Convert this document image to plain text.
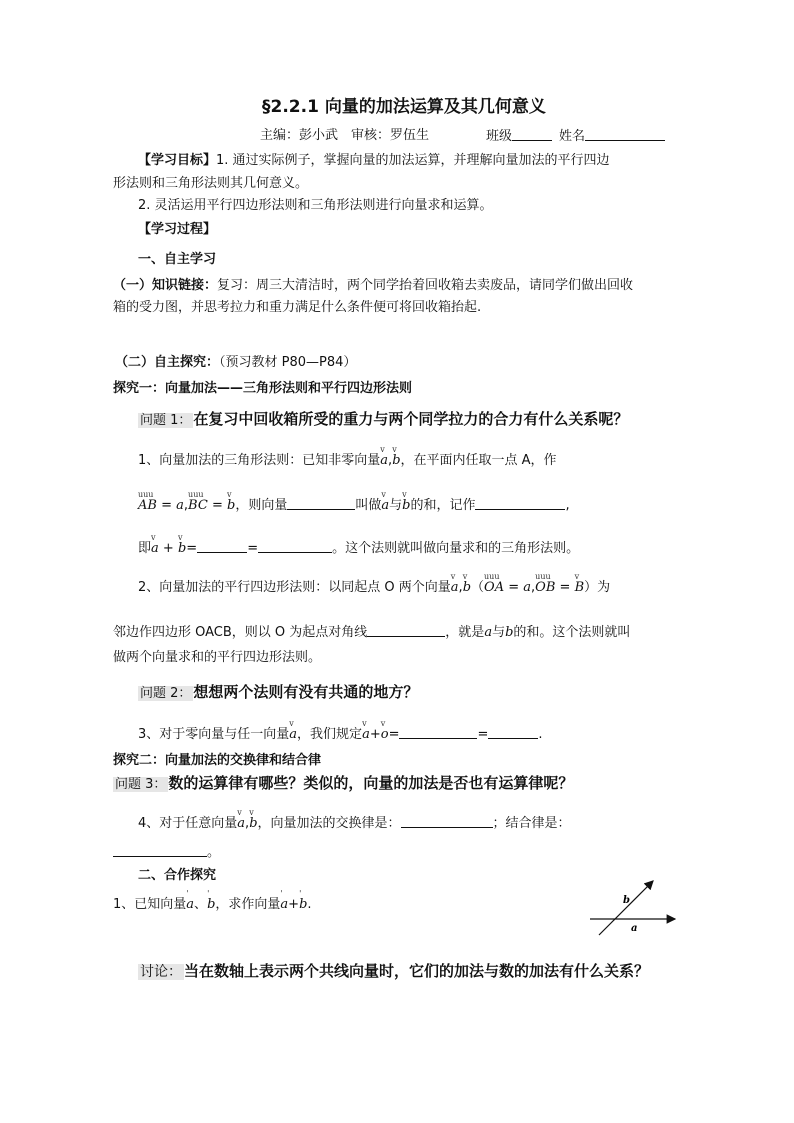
§2.2.1 向量的加法运算及其几何意义
主编：彭小武　审核：罗伍生	班级	姓名
【学习目标】1. 通过实际例子，掌握向量的加法运算，并理解向量加法的平行四边
形法则和三角形法则其几何意义。
2. 灵活运用平行四边形法则和三角形法则进行向量求和运算。
【学习过程】
一、自主学习
（一）知识链接：复习：周三大清洁时，两个同学抬着回收箱去卖废品，请同学们做出回收
箱的受力图，并思考拉力和重力满足什么条件便可将回收箱抬起.
（二）自主探究：（预习教材 P80—P84）
探究一：向量加法——三角形法则和平行四边形法则
问题 1： 在复习中回收箱所受的重力与两个同学拉力的合力有什么关系呢？
1、向量加法的三角形法则：已知非零向量
v
a,
v
b，在平面内任取一点 A，作
uuu
AB = a,
uuu
BC =
v
b，则向量	叫做
v
a与
v
b的和，记作	,
即
v
a +
v
b=	=	。这个法则就叫做向量求和的三角形法则。
2、向量加法的平行四边形法则：以同起点 O 两个向量
v
a,
v
b（
uuu
OA = a,
uuu
OB =
v
B）为
邻边作四边形 OACB，则以 O 为起点对角线	，就是a与b的和。这个法则就叫
做两个向量求和的平行四边形法则。
问题 2： 想想两个法则有没有共通的地方？
3、对于零向量与任一向量
v
a，我们规定
v
a+
v
o=	=	.
探究二：向量加法的交换律和结合律
问题 3： 数的运算律有哪些？类似的，向量的加法是否也有运算律呢？
4、对于任意向量
v
a,
v
b，向量加法的交换律是：	；结合律是：
。
二、合作探究
1、已知向量
'
a、
'
b，求作向量
'
a+
'
b.	b
a
讨论： 当在数轴上表示两个共线向量时，它们的加法与数的加法有什么关系？
